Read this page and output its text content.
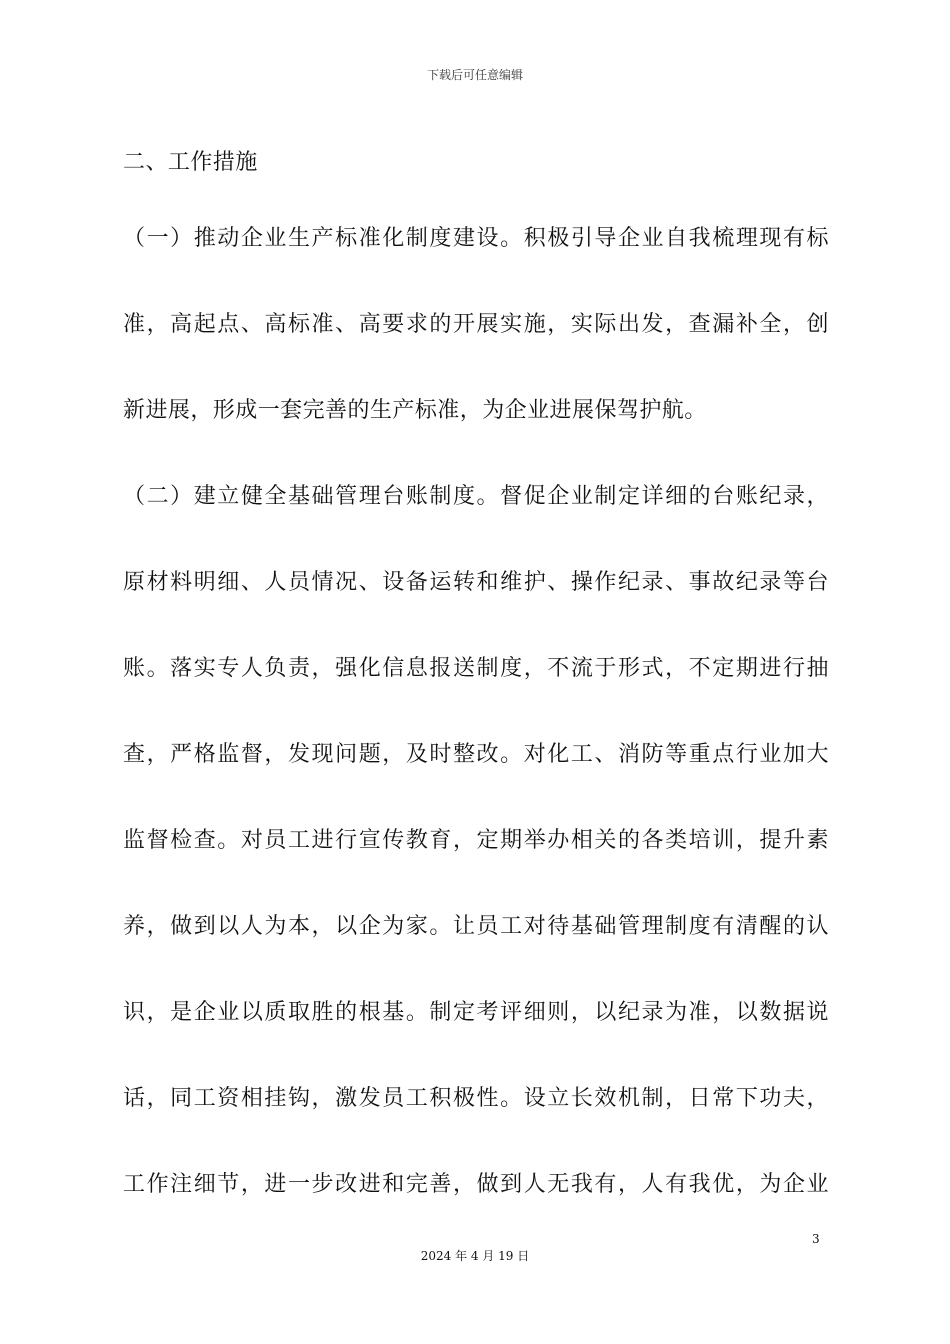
下载后可任意编辑
二、工作措施
（一）推动企业生产标准化制度建设。积极引导企业自我梳理现有标
准，高起点、高标准、高要求的开展实施，实际出发，查漏补全，创
新进展，形成一套完善的生产标准，为企业进展保驾护航。
（二）建立健全基础管理台账制度。督促企业制定详细的台账纪录，
原材料明细、人员情况、设备运转和维护、操作纪录、事故纪录等台
账。落实专人负责，强化信息报送制度，不流于形式，不定期进行抽
查，严格监督，发现问题，及时整改。对化工、消防等重点行业加大
监督检查。对员工进行宣传教育，定期举办相关的各类培训，提升素
养，做到以人为本，以企为家。让员工对待基础管理制度有清醒的认
识，是企业以质取胜的根基。制定考评细则，以纪录为准，以数据说
话，同工资相挂钩，激发员工积极性。设立长效机制，日常下功夫，
工作注细节，进一步改进和完善，做到人无我有，人有我优，为企业
3
2024 年 4 月 19 日
